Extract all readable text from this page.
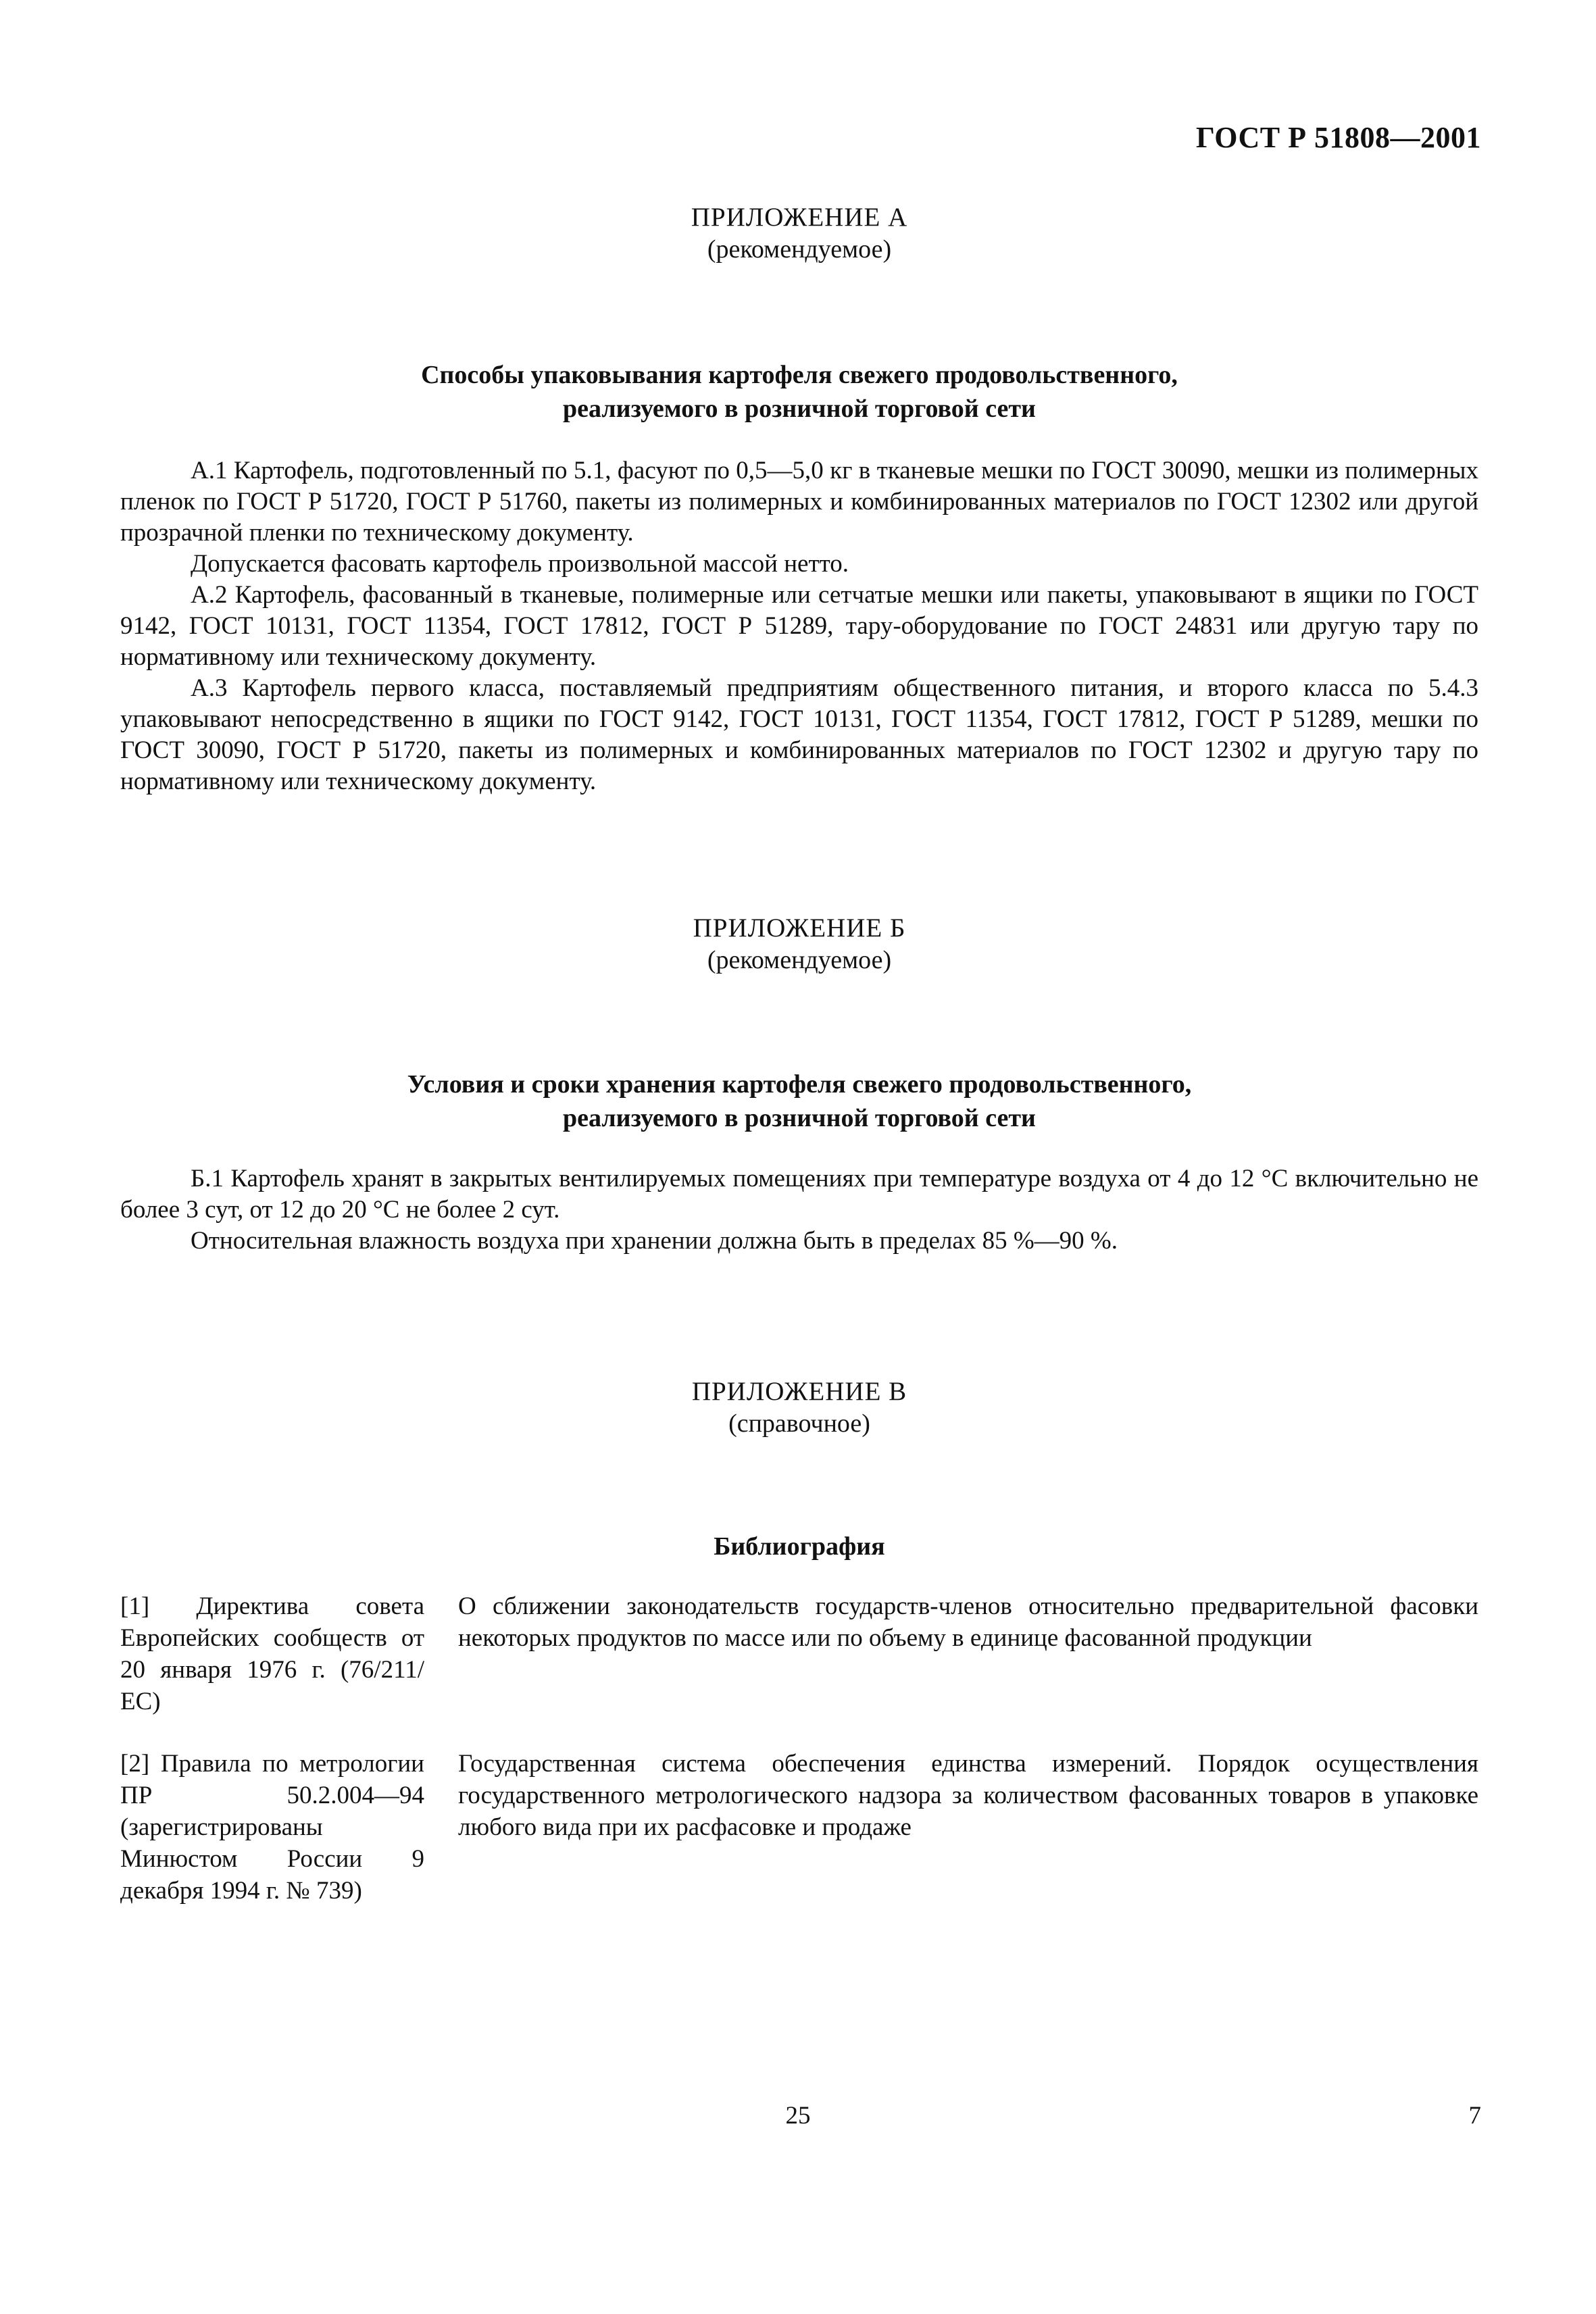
ГОСТ Р 51808—2001
ПРИЛОЖЕНИЕ А
(рекомендуемое)
Способы упаковывания картофеля свежего продовольственного,
реализуемого в розничной торговой сети

А.1 Картофель, подготовленный по 5.1, фасуют по 0,5—5,0 кг в тканевые мешки по ГОСТ 30090, мешки из полимерных пленок по ГОСТ Р 51720, ГОСТ Р 51760, пакеты из полимерных и комбинированных материалов по ГОСТ 12302 или другой прозрачной пленки по техническому документу.

Допускается фасовать картофель произвольной массой нетто.

А.2 Картофель, фасованный в тканевые, полимерные или сетчатые мешки или пакеты, упаковывают в ящики по ГОСТ 9142, ГОСТ 10131, ГОСТ 11354, ГОСТ 17812, ГОСТ Р 51289, тару-оборудование по ГОСТ 24831 или другую тару по нормативному или техническому документу.

А.3 Картофель первого класса, поставляемый предприятиям общественного питания, и второго класса по 5.4.3 упаковывают непосредственно в ящики по ГОСТ 9142, ГОСТ 10131, ГОСТ 11354, ГОСТ 17812, ГОСТ Р 51289, мешки по ГОСТ 30090, ГОСТ Р 51720, пакеты из полимерных и комбинированных материалов по ГОСТ 12302 и другую тару по нормативному или техническому документу.

ПРИЛОЖЕНИЕ Б
(рекомендуемое)
Условия и сроки хранения картофеля свежего продовольственного,
реализуемого в розничной торговой сети

Б.1 Картофель хранят в закрытых вентилируемых помещениях при температуре воздуха от 4 до 12 °С включительно не более 3 сут, от 12 до 20 °С не более 2 сут.

Относительная влажность воздуха при хранении должна быть в пределах 85 %—90 %.

ПРИЛОЖЕНИЕ В
(справочное)
Библиография
[1] Директива совета Европейских сообществ от 20 января 1976 г. (76/211/ЕС)
О сближении законодательств государств-членов относительно предварительной фасовки некоторых продуктов по массе или по объему в единице фасованной продукции
[2] Правила по метрологии ПР 50.2.004—94 (зарегистрированы Минюстом России 9 декабря 1994 г. № 739)
Государственная система обеспечения единства измерений. Порядок осуществления государственного метрологического надзора за количеством фасованных товаров в упаковке любого вида при их расфасовке и продаже
25	7
